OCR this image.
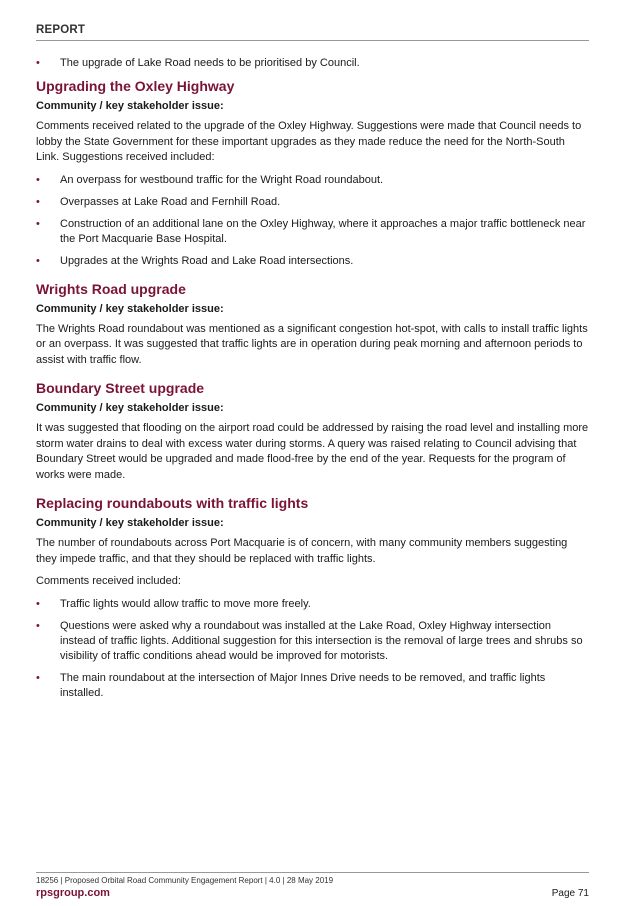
REPORT
• The upgrade of Lake Road needs to be prioritised by Council.
Upgrading the Oxley Highway
Community / key stakeholder issue:

Comments received related to the upgrade of the Oxley Highway. Suggestions were made that Council needs to lobby the State Government for these important upgrades as they made reduce the need for the North-South Link. Suggestions received included:

• An overpass for westbound traffic for the Wright Road roundabout.
• Overpasses at Lake Road and Fernhill Road.
• Construction of an additional lane on the Oxley Highway, where it approaches a major traffic bottleneck near the Port Macquarie Base Hospital.
• Upgrades at the Wrights Road and Lake Road intersections.
Wrights Road upgrade
Community / key stakeholder issue:

The Wrights Road roundabout was mentioned as a significant congestion hot-spot, with calls to install traffic lights or an overpass. It was suggested that traffic lights are in operation during peak morning and afternoon periods to assist with traffic flow.

Boundary Street upgrade
Community / key stakeholder issue:

It was suggested that flooding on the airport road could be addressed by raising the road level and installing more storm water drains to deal with excess water during storms. A query was raised relating to Council advising that Boundary Street would be upgraded and made flood-free by the end of the year. Requests for the program of works were made.

Replacing roundabouts with traffic lights
Community / key stakeholder issue:

The number of roundabouts across Port Macquarie is of concern, with many community members suggesting they impede traffic, and that they should be replaced with traffic lights.

Comments received included:

• Traffic lights would allow traffic to move more freely.
• Questions were asked why a roundabout was installed at the Lake Road, Oxley Highway intersection instead of traffic lights. Additional suggestion for this intersection is the removal of large trees and shrubs so visibility of traffic conditions ahead would be improved for motorists.
• The main roundabout at the intersection of Major Innes Drive needs to be removed, and traffic lights installed.
18256 | Proposed Orbital Road Community Engagement Report | 4.0 | 28 May 2019
rpsgroup.com	Page 71
